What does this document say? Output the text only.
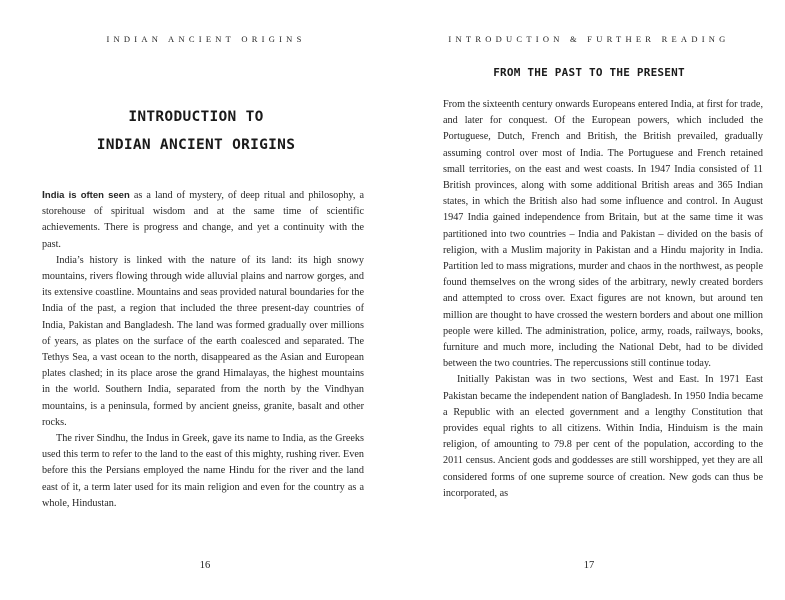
INDIAN ANCIENT ORIGINS
INTRODUCTION TO
INDIAN ANCIENT ORIGINS

India is often seen as a land of mystery, of deep ritual and philosophy, a storehouse of spiritual wisdom and at the same time of scientific achievements. There is progress and change, and yet a continuity with the past.

India’s history is linked with the nature of its land: its high snowy mountains, rivers flowing through wide alluvial plains and narrow gorges, and its extensive coastline. Mountains and seas provided natural boundaries for the India of the past, a region that included the three present-day countries of India, Pakistan and Bangladesh. The land was formed gradually over millions of years, as plates on the surface of the earth coalesced and separated. The Tethys Sea, a vast ocean to the north, disappeared as the Asian and European plates clashed; in its place arose the grand Himalayas, the highest mountains in the world. Southern India, separated from the north by the Vindhyan mountains, is a peninsula, formed by ancient gneiss, granite, basalt and other rocks.

The river Sindhu, the Indus in Greek, gave its name to India, as the Greeks used this term to refer to the land to the east of this mighty, rushing river. Even before this the Persians employed the name Hindu for the river and the land east of it, a term later used for its main religion and even for the country as a whole, Hindustan.

16
INTRODUCTION & FURTHER READING
FROM THE PAST TO THE PRESENT

From the sixteenth century onwards Europeans entered India, at first for trade, and later for conquest. Of the European powers, which included the Portuguese, Dutch, French and British, the British prevailed, gradually assuming control over most of India. The Portuguese and French retained small territories, on the east and west coasts. In 1947 India consisted of 11 British provinces, along with some additional British areas and 365 Indian states, in which the British also had some influence and control. In August 1947 India gained independence from Britain, but at the same time it was partitioned into two countries – India and Pakistan – divided on the basis of religion, with a Muslim majority in Pakistan and a Hindu majority in India. Partition led to mass migrations, murder and chaos in the northwest, as people found themselves on the wrong sides of the arbitrary, newly created borders and attempted to cross over. Exact figures are not known, but around ten million are thought to have crossed the western borders and about one million people were killed. The administration, police, army, roads, railways, books, furniture and much more, including the National Debt, had to be divided between the two countries. The repercussions still continue today.

Initially Pakistan was in two sections, West and East. In 1971 East Pakistan became the independent nation of Bangladesh. In 1950 India became a Republic with an elected government and a lengthy Constitution that provides equal rights to all citizens. Within India, Hinduism is the main religion, of amounting to 79.8 per cent of the population, according to the 2011 census. Ancient gods and goddesses are still worshipped, yet they are all considered forms of one supreme source of creation. New gods can thus be incorporated, as

17
